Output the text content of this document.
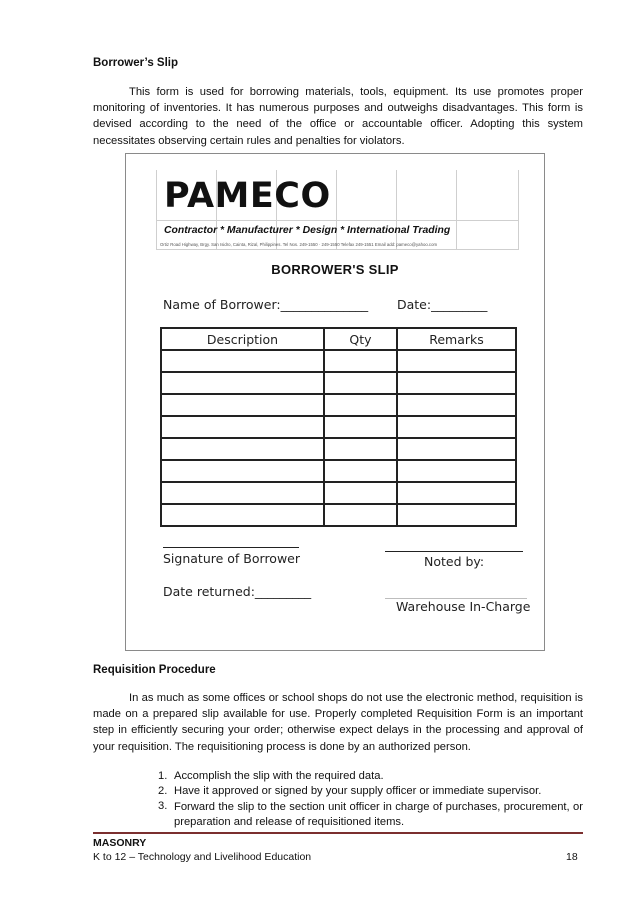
Borrower’s Slip
This form is used for borrowing materials, tools, equipment. Its use promotes proper monitoring of inventories. It has numerous purposes and outweighs disadvantages. This form is devised according to the need of the office or accountable officer. Adopting this system necessitates observing certain rules and penalties for violators.
PAMECO
Contractor * Manufacturer * Design * International Trading
Ortiz Road Highway, Brgy. San Isidro, Cainta, Rizal, Philippines. Tel Nos. 249-1550 · 249-1550 Telefax 249-1551 Email add: pameco@yahoo.com
BORROWER'S SLIP
Name of Borrower:______________ Date:_________
Description	Qty	Remarks

Signature of Borrower	Noted by:
Date returned:_________
Warehouse In-Charge
Requisition Procedure
In as much as some offices or school shops do not use the electronic method, requisition is made on a prepared slip available for use. Properly completed Requisition Form is an important step in efficiently securing your order; otherwise expect delays in the processing and approval of your requisition. The requisitioning process is done by an authorized person.
1. Accomplish the slip with the required data.
2. Have it approved or signed by your supply officer or immediate supervisor.
3. Forward the slip to the section unit officer in charge of purchases, procurement, or preparation and release of requisitioned items.
MASONRY
K to 12 – Technology and Livelihood Education	18
